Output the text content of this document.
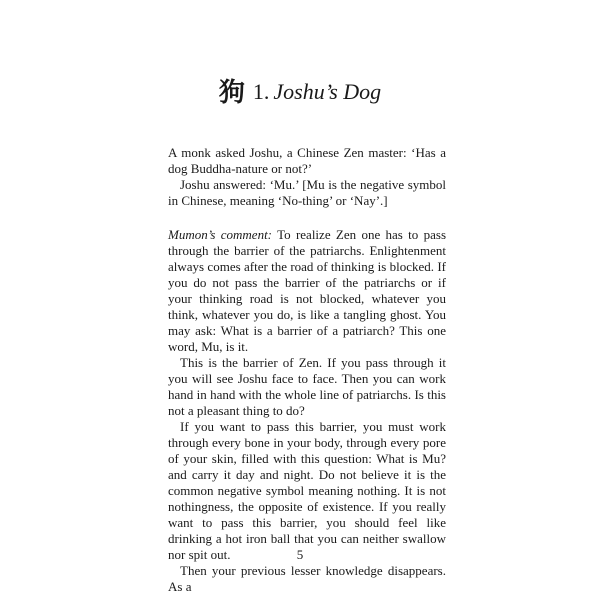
狗 1. Joshu’s Dog

A monk asked Joshu, a Chinese Zen master: ‘Has a dog Buddha-nature or not?’

Joshu answered: ‘Mu.’ [Mu is the negative symbol in Chinese, meaning ‘No-thing’ or ‘Nay’.]

Mumon’s comment: To realize Zen one has to pass through the barrier of the patriarchs. Enlightenment always comes after the road of thinking is blocked. If you do not pass the barrier of the patriarchs or if your thinking road is not blocked, whatever you think, whatever you do, is like a tangling ghost. You may ask: What is a barrier of a patriarch? This one word, Mu, is it.

This is the barrier of Zen. If you pass through it you will see Joshu face to face. Then you can work hand in hand with the whole line of patriarchs. Is this not a pleasant thing to do?

If you want to pass this barrier, you must work through every bone in your body, through every pore of your skin, filled with this question: What is Mu? and carry it day and night. Do not believe it is the common negative symbol meaning nothing. It is not nothingness, the opposite of existence. If you really want to pass this barrier, you should feel like drinking a hot iron ball that you can neither swallow nor spit out.

Then your previous lesser knowledge disappears. As a

5
